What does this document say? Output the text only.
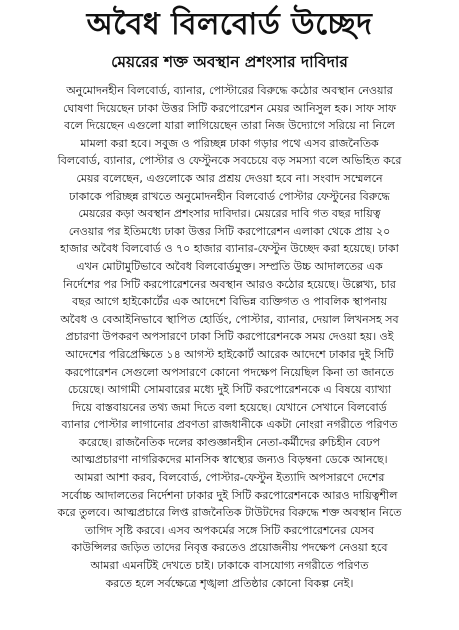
অবৈধ বিলবোর্ড উচ্ছেদ
মেয়রের শক্ত অবস্থান প্রশংসার দাবিদার
অনুমোদনহীন বিলবোর্ড, ব্যানার, পোস্টারের বিরুদ্ধে কঠোর অবস্থান নেওয়ার
ঘোষণা দিয়েছেন ঢাকা উত্তর সিটি করপোরেশন মেয়র আনিসুল হক। সাফ সাফ
বলে দিয়েছেন এগুলো যারা লাগিয়েছেন তারা নিজ উদ্যোগে সরিয়ে না নিলে
মামলা করা হবে। সবুজ ও পরিচ্ছন্ন ঢাকা গড়ার পথে এসব রাজনৈতিক
বিলবোর্ড, ব্যানার, পোস্টার ও ফেস্টুনকে সবচেয়ে বড় সমস্যা বলে অভিহিত করে
মেয়র বলেছেন, এগুলোকে আর প্রশ্রয় দেওয়া হবে না। সংবাদ সম্মেলনে
ঢাকাকে পরিচ্ছন্ন রাখতে অনুমোদনহীন বিলবোর্ড পোস্টার ফেস্টুনের বিরুদ্ধে
মেয়রের কড়া অবস্থান প্রশংসার দাবিদার। মেয়রের দাবি গত বছর দায়িত্ব
নেওয়ার পর ইতিমধ্যে ঢাকা উত্তর সিটি করপোরেশন এলাকা থেকে প্রায় ২০
হাজার অবৈধ বিলবোর্ড ও ৭০ হাজার ব্যানার-ফেস্টুন উচ্ছেদ করা হয়েছে। ঢাকা
এখন মোটামুটিভাবে অবৈধ বিলবোর্ডমুক্ত। সম্প্রতি উচ্চ আদালতের এক
নির্দেশের পর সিটি করপোরেশনের অবস্থান আরও কঠোর হয়েছে। উল্লেখ্য, চার
বছর আগে হাইকোর্টের এক আদেশে বিভিন্ন ব্যক্তিগত ও পাবলিক স্থাপনায়
অবৈধ ও বেআইনিভাবে স্থাপিত হোর্ডিং, পোস্টার, ব্যানার, দেয়াল লিখনসহ সব
প্রচারণা উপকরণ অপসারণে ঢাকা সিটি করপোরেশনকে সময় দেওয়া হয়। ওই
আদেশের পরিপ্রেক্ষিতে ১৪ আগস্ট হাইকোর্ট আরেক আদেশে ঢাকার দুই সিটি
করপোরেশন সেগুলো অপসারণে কোনো পদক্ষেপ নিয়েছিল কিনা তা জানতে
চেয়েছে। আগামী সোমবারের মধ্যে দুই সিটি করপোরেশনকে এ বিষয়ে ব্যাখ্যা
দিয়ে বাস্তবায়নের তথ্য জমা দিতে বলা হয়েছে। যেখানে সেখানে বিলবোর্ড
ব্যানার পোস্টার লাগানোর প্রবণতা রাজধানীকে একটা নোংরা নগরীতে পরিণত
করেছে। রাজনৈতিক দলের কাণ্ডজ্ঞানহীন নেতা-কর্মীদের রুচিহীন বেঢপ
আত্মপ্রচারণা নাগরিকদের মানসিক স্বাস্থ্যের জন্যও বিড়ম্বনা ডেকে আনছে।
আমরা আশা করব, বিলবোর্ড, পোস্টার-ফেস্টুন ইত্যাদি অপসারণে দেশের
সর্বোচ্চ আদালতের নির্দেশনা ঢাকার দুই সিটি করপোরেশনকে আরও দায়িত্বশীল
করে তুলবে। আত্মপ্রচারে লিপ্ত রাজনৈতিক টাউটদের বিরুদ্ধে শক্ত অবস্থান নিতে
তাগিদ সৃষ্টি করবে। এসব অপকর্মের সঙ্গে সিটি করপোরেশনের যেসব
কাউন্সিলর জড়িত তাদের নিবৃত্ত করতেও প্রয়োজনীয় পদক্ষেপ নেওয়া হবে
আমরা এমনটিই দেখতে চাই। ঢাকাকে বাসযোগ্য নগরীতে পরিণত
করতে হলে সর্বক্ষেত্রে শৃঙ্খলা প্রতিষ্ঠার কোনো বিকল্প নেই।
